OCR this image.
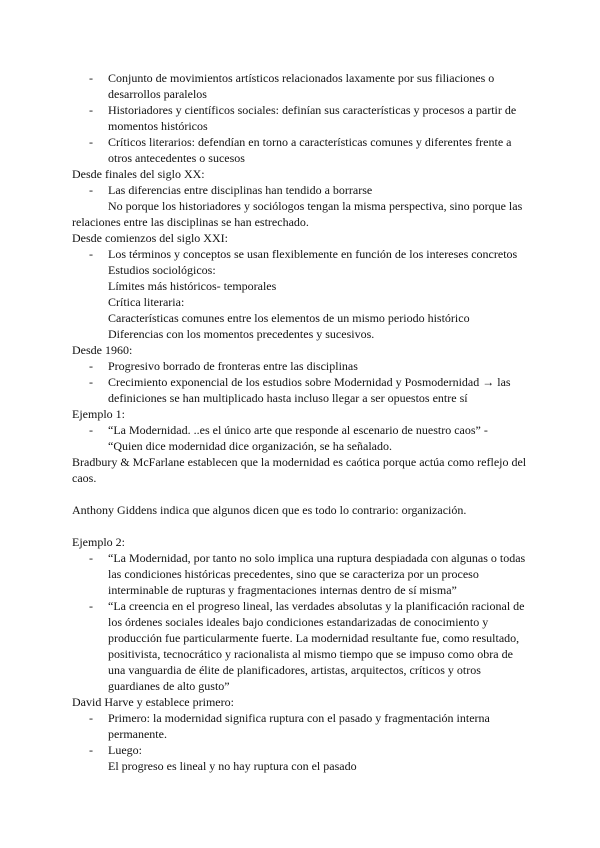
- Conjunto de movimientos artísticos relacionados laxamente por sus filiaciones o desarrollos paralelos
- Historiadores y científicos sociales: definían sus características y procesos a partir de momentos históricos
- Críticos literarios: defendían en torno a características comunes y diferentes frente a otros antecedentes o sucesos
Desde finales del siglo XX:
- Las diferencias entre disciplinas han tendido a borrarse
No porque los historiadores y sociólogos tengan la misma perspectiva, sino porque las relaciones entre las disciplinas se han estrechado.
Desde comienzos del siglo XXI:
- Los términos y conceptos se usan flexiblemente en función de los intereses concretos
Estudios sociológicos:
Límites más históricos- temporales
Crítica literaria:
Características comunes entre los elementos de un mismo periodo histórico
Diferencias con los momentos precedentes y sucesivos.
Desde 1960:
- Progresivo borrado de fronteras entre las disciplinas
- Crecimiento exponencial de los estudios sobre Modernidad y Posmodernidad → las definiciones se han multiplicado hasta incluso llegar a ser opuestos entre sí
Ejemplo 1:
- “La Modernidad. ..es el único arte que responde al escenario de nuestro caos” -
“Quien dice modernidad dice organización, se ha señalado.
Bradbury & McFarlane establecen que la modernidad es caótica porque actúa como reflejo del caos.
Anthony Giddens indica que algunos dicen que es todo lo contrario: organización.
Ejemplo 2:
- “La Modernidad, por tanto no solo implica una ruptura despiadada con algunas o todas las condiciones históricas precedentes, sino que se caracteriza por un proceso interminable de rupturas y fragmentaciones internas dentro de sí misma”
- “La creencia en el progreso lineal, las verdades absolutas y la planificación racional de los órdenes sociales ideales bajo condiciones estandarizadas de conocimiento y producción fue particularmente fuerte. La modernidad resultante fue, como resultado, positivista, tecnocrático y racionalista al mismo tiempo que se impuso como obra de una vanguardia de élite de planificadores, artistas, arquitectos, críticos y otros guardianes de alto gusto”
David Harve y establece primero:
- Primero: la modernidad significa ruptura con el pasado y fragmentación interna permanente.
- Luego:
El progreso es lineal y no hay ruptura con el pasado
